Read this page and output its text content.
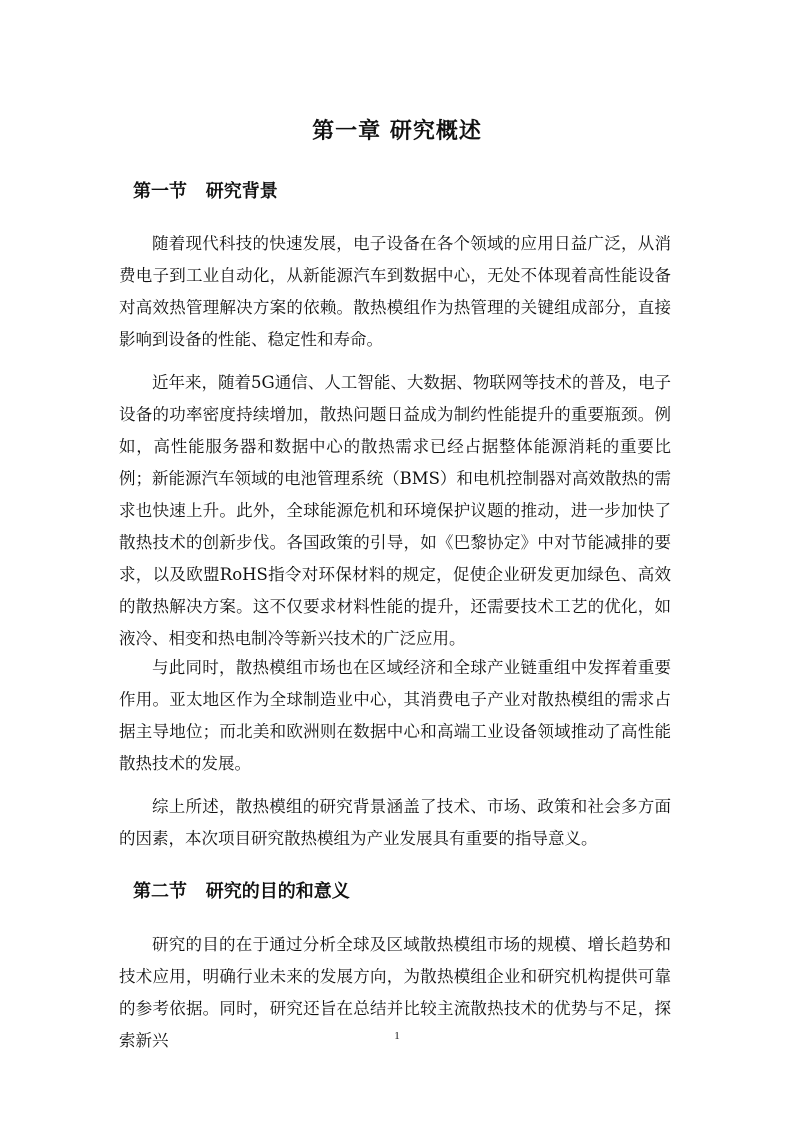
第一章 研究概述
第一节   研究背景

随着现代科技的快速发展，电子设备在各个领域的应用日益广泛，从消费电子到工业自动化，从新能源汽车到数据中心，无处不体现着高性能设备对高效热管理解决方案的依赖。散热模组作为热管理的关键组成部分，直接影响到设备的性能、稳定性和寿命。

近年来，随着5G通信、人工智能、大数据、物联网等技术的普及，电子设备的功率密度持续增加，散热问题日益成为制约性能提升的重要瓶颈。例如，高性能服务器和数据中心的散热需求已经占据整体能源消耗的重要比例；新能源汽车领域的电池管理系统（BMS）和电机控制器对高效散热的需求也快速上升。此外，全球能源危机和环境保护议题的推动，进一步加快了散热技术的创新步伐。各国政策的引导，如《巴黎协定》中对节能减排的要求，以及欧盟RoHS指令对环保材料的规定，促使企业研发更加绿色、高效的散热解决方案。这不仅要求材料性能的提升，还需要技术工艺的优化，如液冷、相变和热电制冷等新兴技术的广泛应用。

与此同时，散热模组市场也在区域经济和全球产业链重组中发挥着重要作用。亚太地区作为全球制造业中心，其消费电子产业对散热模组的需求占据主导地位；而北美和欧洲则在数据中心和高端工业设备领域推动了高性能散热技术的发展。

综上所述，散热模组的研究背景涵盖了技术、市场、政策和社会多方面的因素，本次项目研究散热模组为产业发展具有重要的指导意义。

第二节   研究的目的和意义

研究的目的在于通过分析全球及区域散热模组市场的规模、增长趋势和技术应用，明确行业未来的发展方向，为散热模组企业和研究机构提供可靠的参考依据。同时，研究还旨在总结并比较主流散热技术的优势与不足，探索新兴	1
